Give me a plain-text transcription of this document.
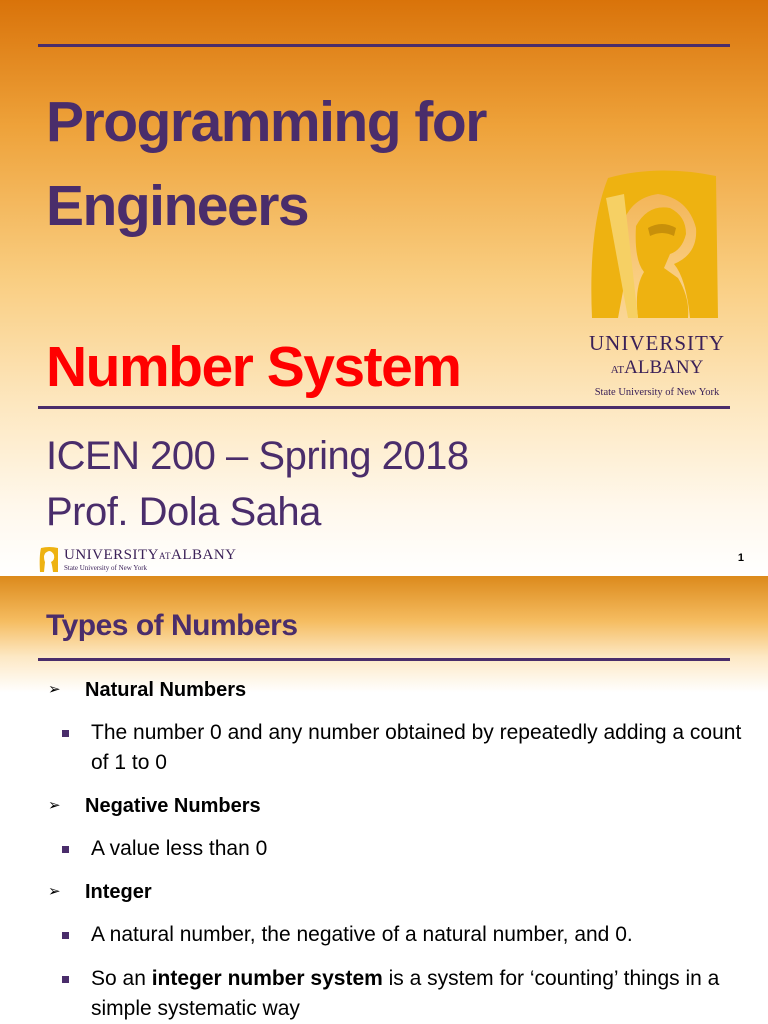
Programming for
Engineers
UNIVERSITY
ATALBANY
State University of New York
Number System
ICEN 200 – Spring 2018
Prof. Dola Saha
UNIVERSITYATALBANY
State University of New York
1
Types of Numbers
➢ Natural Numbers
The number 0 and any number obtained by repeatedly adding a count of 1 to 0
➢ Negative Numbers
A value less than 0
➢ Integer
A natural number, the negative of a natural number, and 0.
So an integer number system is a system for ‘counting’ things in a simple systematic way
